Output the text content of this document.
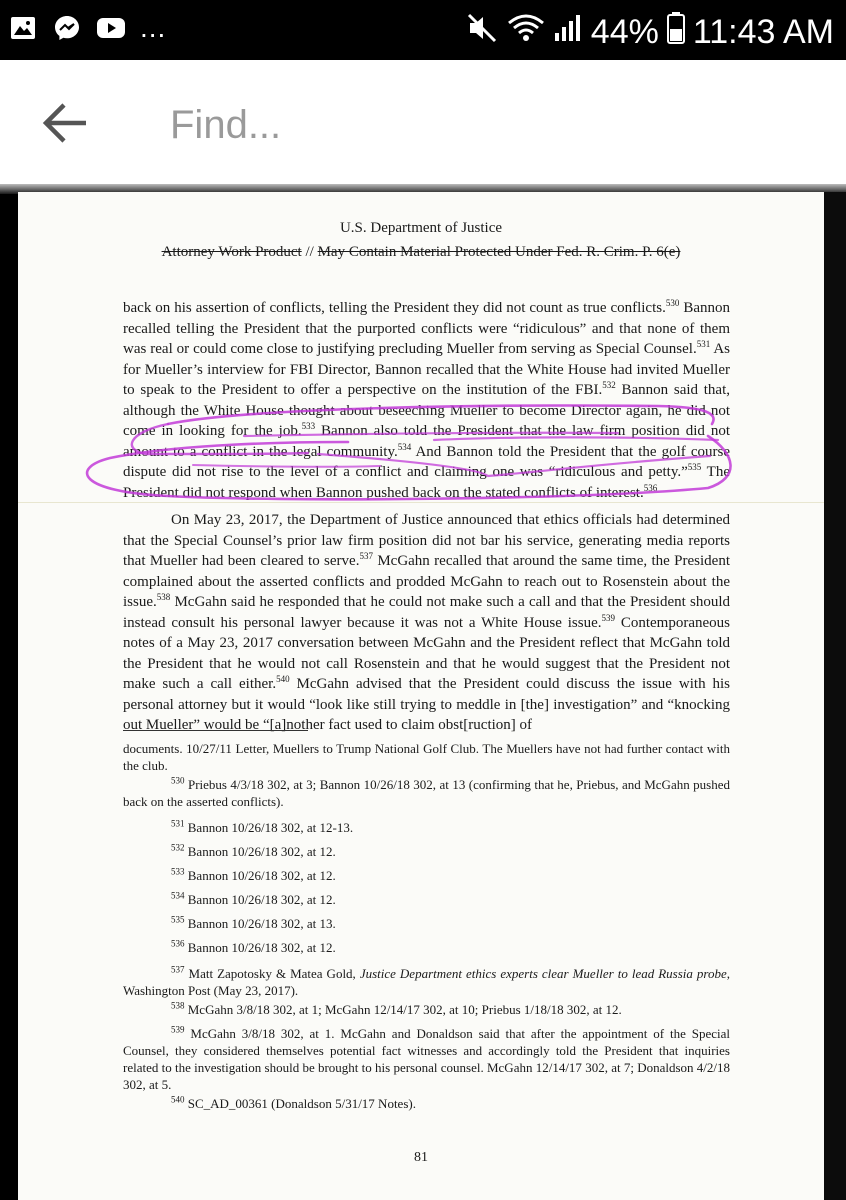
...	44% 11:43 AM
Find...
U.S. Department of Justice
Attorney Work Product // May Contain Material Protected Under Fed. R. Crim. P. 6(e)
back on his assertion of conflicts, telling the President they did not count as true conflicts.$^{530}$ Bannon recalled telling the President that the purported conflicts were “ridiculous” and that none of them was real or could come close to justifying precluding Mueller from serving as Special Counsel.$^{531}$ As for Mueller’s interview for FBI Director, Bannon recalled that the White House had invited Mueller to speak to the President to offer a perspective on the institution of the FBI.$^{532}$ Bannon said that, although the White House thought about beseeching Mueller to become Director again, he did not come in looking for the job.$^{533}$ Bannon also told the President that the law firm position did not amount to a conflict in the legal community.$^{534}$ And Bannon told the President that the golf course dispute did not rise to the level of a conflict and claiming one was “ridiculous and petty.”$^{535}$ The President did not respond when Bannon pushed back on the stated conflicts of interest.$^{536}$
On May 23, 2017, the Department of Justice announced that ethics officials had determined that the Special Counsel’s prior law firm position did not bar his service, generating media reports that Mueller had been cleared to serve.$^{537}$ McGahn recalled that around the same time, the President complained about the asserted conflicts and prodded McGahn to reach out to Rosenstein about the issue.$^{538}$ McGahn said he responded that he could not make such a call and that the President should instead consult his personal lawyer because it was not a White House issue.$^{539}$ Contemporaneous notes of a May 23, 2017 conversation between McGahn and the President reflect that McGahn told the President that he would not call Rosenstein and that he would suggest that the President not make such a call either.$^{540}$ McGahn advised that the President could discuss the issue with his personal attorney but it would “look like still trying to meddle in [the] investigation” and “knocking out Mueller” would be “[a]nother fact used to claim obst[ruction] of
documents. 10/27/11 Letter, Muellers to Trump National Golf Club. The Muellers have not had further contact with the club.
$^{530}$ Priebus 4/3/18 302, at 3; Bannon 10/26/18 302, at 13 (confirming that he, Priebus, and McGahn pushed back on the asserted conflicts).
$^{531}$ Bannon 10/26/18 302, at 12-13.
$^{532}$ Bannon 10/26/18 302, at 12.
$^{533}$ Bannon 10/26/18 302, at 12.
$^{534}$ Bannon 10/26/18 302, at 12.
$^{535}$ Bannon 10/26/18 302, at 13.
$^{536}$ Bannon 10/26/18 302, at 12.
$^{537}$ Matt Zapotosky & Matea Gold, Justice Department ethics experts clear Mueller to lead Russia probe, Washington Post (May 23, 2017).
$^{538}$ McGahn 3/8/18 302, at 1; McGahn 12/14/17 302, at 10; Priebus 1/18/18 302, at 12.
$^{539}$ McGahn 3/8/18 302, at 1. McGahn and Donaldson said that after the appointment of the Special Counsel, they considered themselves potential fact witnesses and accordingly told the President that inquiries related to the investigation should be brought to his personal counsel. McGahn 12/14/17 302, at 7; Donaldson 4/2/18 302, at 5.
$^{540}$ SC_AD_00361 (Donaldson 5/31/17 Notes).
81
